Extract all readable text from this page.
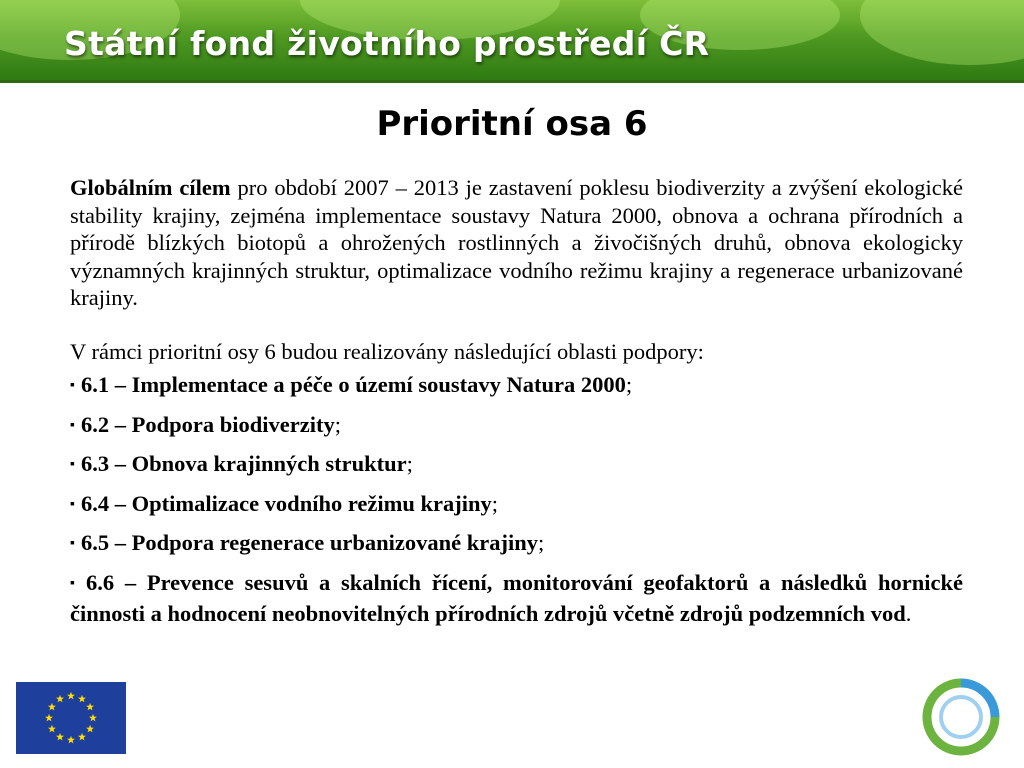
Státní fond životního prostředí ČR
Prioritní osa 6

Globálním cílem pro období 2007 – 2013 je zastavení poklesu biodiverzity a zvýšení ekologické stability krajiny, zejména implementace soustavy Natura 2000, obnova a ochrana přírodních a přírodě blízkých biotopů a ohrožených rostlinných a živočišných druhů, obnova ekologicky významných krajinných struktur, optimalizace vodního režimu krajiny a regenerace urbanizované krajiny.

V rámci prioritní osy 6 budou realizovány následující oblasti podpory:

▪ 6.1 – Implementace a péče o území soustavy Natura 2000;
▪ 6.2 – Podpora biodiverzity;
▪ 6.3 – Obnova krajinných struktur;
▪ 6.4 – Optimalizace vodního režimu krajiny;
▪ 6.5 – Podpora regenerace urbanizované krajiny;
▪ 6.6 – Prevence sesuvů a skalních řícení, monitorování geofaktorů a následků hornické činnosti a hodnocení neobnovitelných přírodních zdrojů včetně zdrojů podzemních vod.
